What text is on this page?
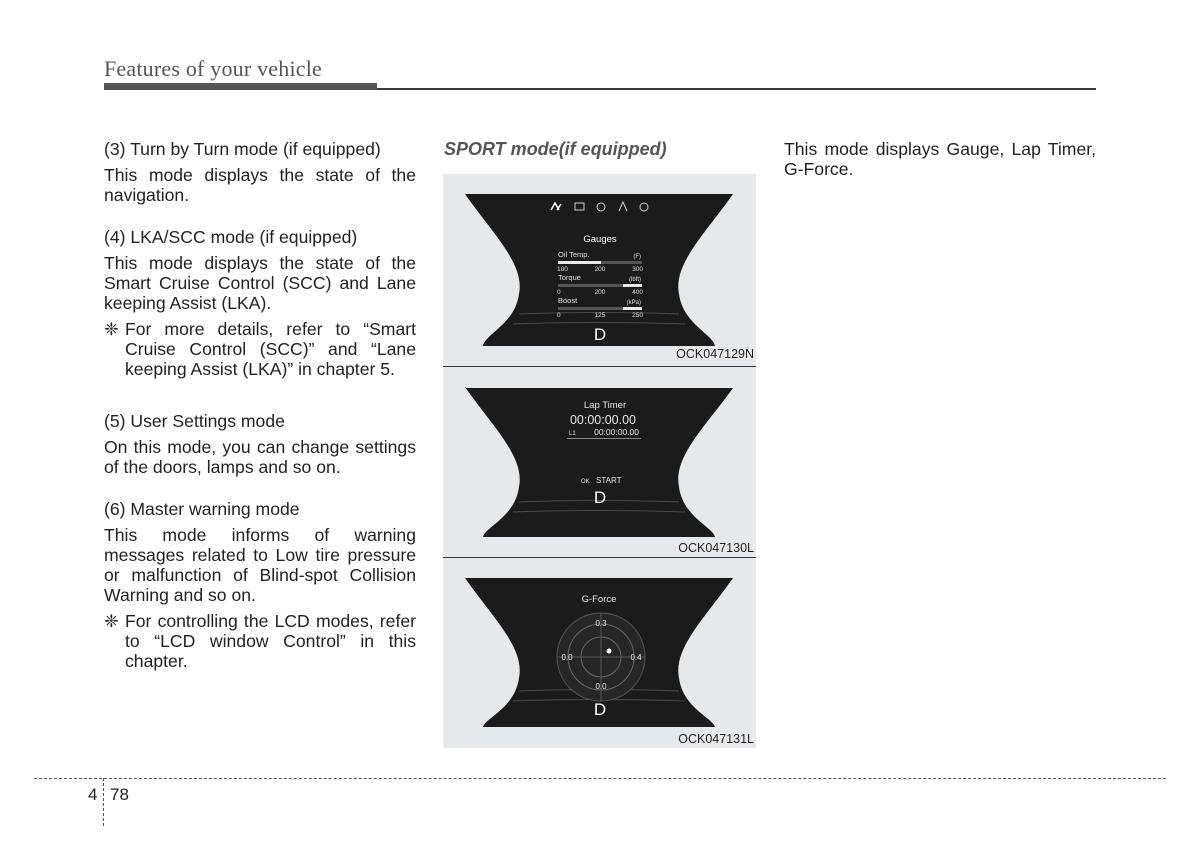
Features of your vehicle

(3) Turn by Turn mode (if equipped)

This mode displays the state of the navigation.

(4) LKA/SCC mode (if equipped)

This mode displays the state of the Smart Cruise Control (SCC) and Lane keeping Assist (LKA).

❈ For more details, refer to “Smart Cruise Control (SCC)” and “Lane keeping Assist (LKA)” in chapter 5.

(5) User Settings mode

On this mode, you can change settings of the doors, lamps and so on.

(6) Master warning mode

This mode informs of warning messages related to Low tire pressure or malfunction of Blind-spot Collision Warning and so on.

❈ For controlling the LCD modes, refer to “LCD window Control” in this chapter.
SPORT mode(if equipped)
Gauges
Oil Temp.	(F)
100	200	300
Torque	(lbft)
0	200	400
Boost	(kPa)
0	125	250
D
OCK047129N
Lap Timer
00:00:00.00
L1 00:00:00.00
OK START
D
OCK047130L
G-Force
0.3
0.0	0.4
0.0
D
OCK047131L

This mode displays Gauge, Lap Timer, G-Force.

4 78
